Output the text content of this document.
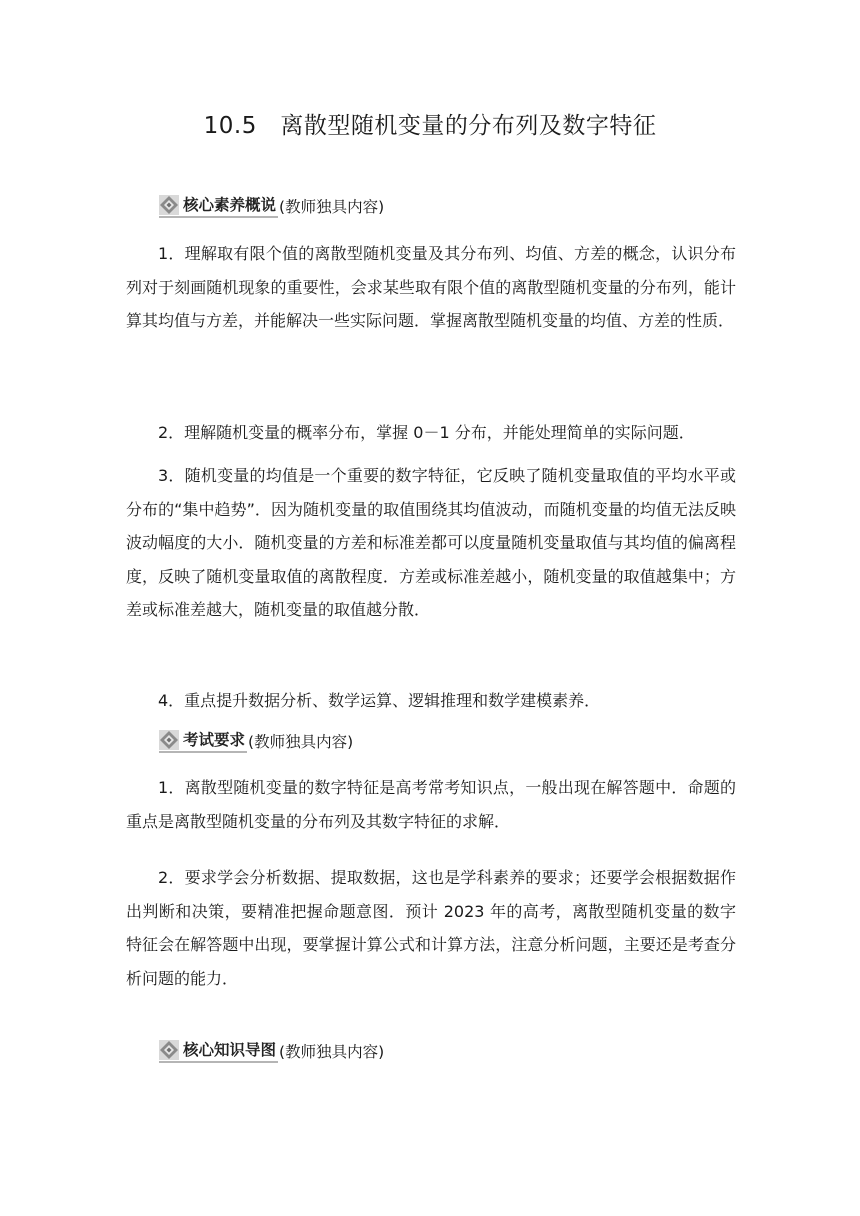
10.5　离散型随机变量的分布列及数字特征
核心素养概说 (教师独具内容)

1．理解取有限个值的离散型随机变量及其分布列、均值、方差的概念，认识分布列对于刻画随机现象的重要性，会求某些取有限个值的离散型随机变量的分布列，能计算其均值与方差，并能解决一些实际问题．掌握离散型随机变量的均值、方差的性质．

2．理解随机变量的概率分布，掌握 0－1 分布，并能处理简单的实际问题．

3．随机变量的均值是一个重要的数字特征，它反映了随机变量取值的平均水平或分布的“集中趋势”．因为随机变量的取值围绕其均值波动，而随机变量的均值无法反映波动幅度的大小．随机变量的方差和标准差都可以度量随机变量取值与其均值的偏离程度，反映了随机变量取值的离散程度．方差或标准差越小，随机变量的取值越集中；方差或标准差越大，随机变量的取值越分散．

4．重点提升数据分析、数学运算、逻辑推理和数学建模素养．

考试要求 (教师独具内容)

1．离散型随机变量的数字特征是高考常考知识点，一般出现在解答题中．命题的重点是离散型随机变量的分布列及其数字特征的求解．

2．要求学会分析数据、提取数据，这也是学科素养的要求；还要学会根据数据作出判断和决策，要精准把握命题意图．预计 2023 年的高考，离散型随机变量的数字特征会在解答题中出现，要掌握计算公式和计算方法，注意分析问题，主要还是考查分析问题的能力．

核心知识导图 (教师独具内容)
